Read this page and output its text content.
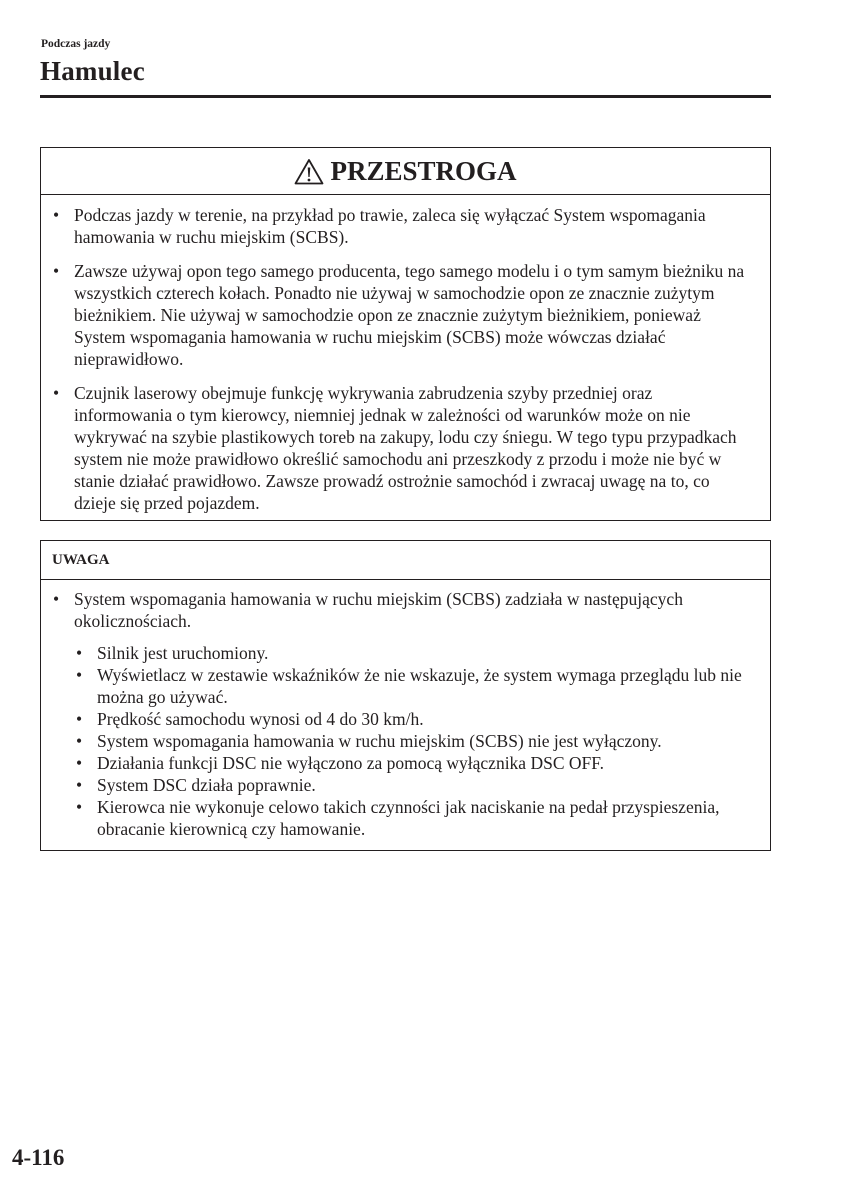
Podczas jazdy
Hamulec
PRZESTROGA
• Podczas jazdy w terenie, na przykład po trawie, zaleca się wyłączać System wspomagania hamowania w ruchu miejskim (SCBS).
• Zawsze używaj opon tego samego producenta, tego samego modelu i o tym samym bieżniku na wszystkich czterech kołach. Ponadto nie używaj w samochodzie opon ze znacznie zużytym bieżnikiem. Nie używaj w samochodzie opon ze znacznie zużytym bieżnikiem, ponieważ System wspomagania hamowania w ruchu miejskim (SCBS) może wówczas działać nieprawidłowo.
• Czujnik laserowy obejmuje funkcję wykrywania zabrudzenia szyby przedniej oraz informowania o tym kierowcy, niemniej jednak w zależności od warunków może on nie wykrywać na szybie plastikowych toreb na zakupy, lodu czy śniegu. W tego typu przypadkach system nie może prawidłowo określić samochodu ani przeszkody z przodu i może nie być w stanie działać prawidłowo. Zawsze prowadź ostrożnie samochód i zwracaj uwagę na to, co dzieje się przed pojazdem.
UWAGA
• System wspomagania hamowania w ruchu miejskim (SCBS) zadziała w następujących okolicznościach.
• Silnik jest uruchomiony.
• Wyświetlacz w zestawie wskaźników że nie wskazuje, że system wymaga przeglądu lub nie można go używać.
• Prędkość samochodu wynosi od 4 do 30 km/h.
• System wspomagania hamowania w ruchu miejskim (SCBS) nie jest wyłączony.
• Działania funkcji DSC nie wyłączono za pomocą wyłącznika DSC OFF.
• System DSC działa poprawnie.
• Kierowca nie wykonuje celowo takich czynności jak naciskanie na pedał przyspieszenia, obracanie kierownicą czy hamowanie.
4-116
